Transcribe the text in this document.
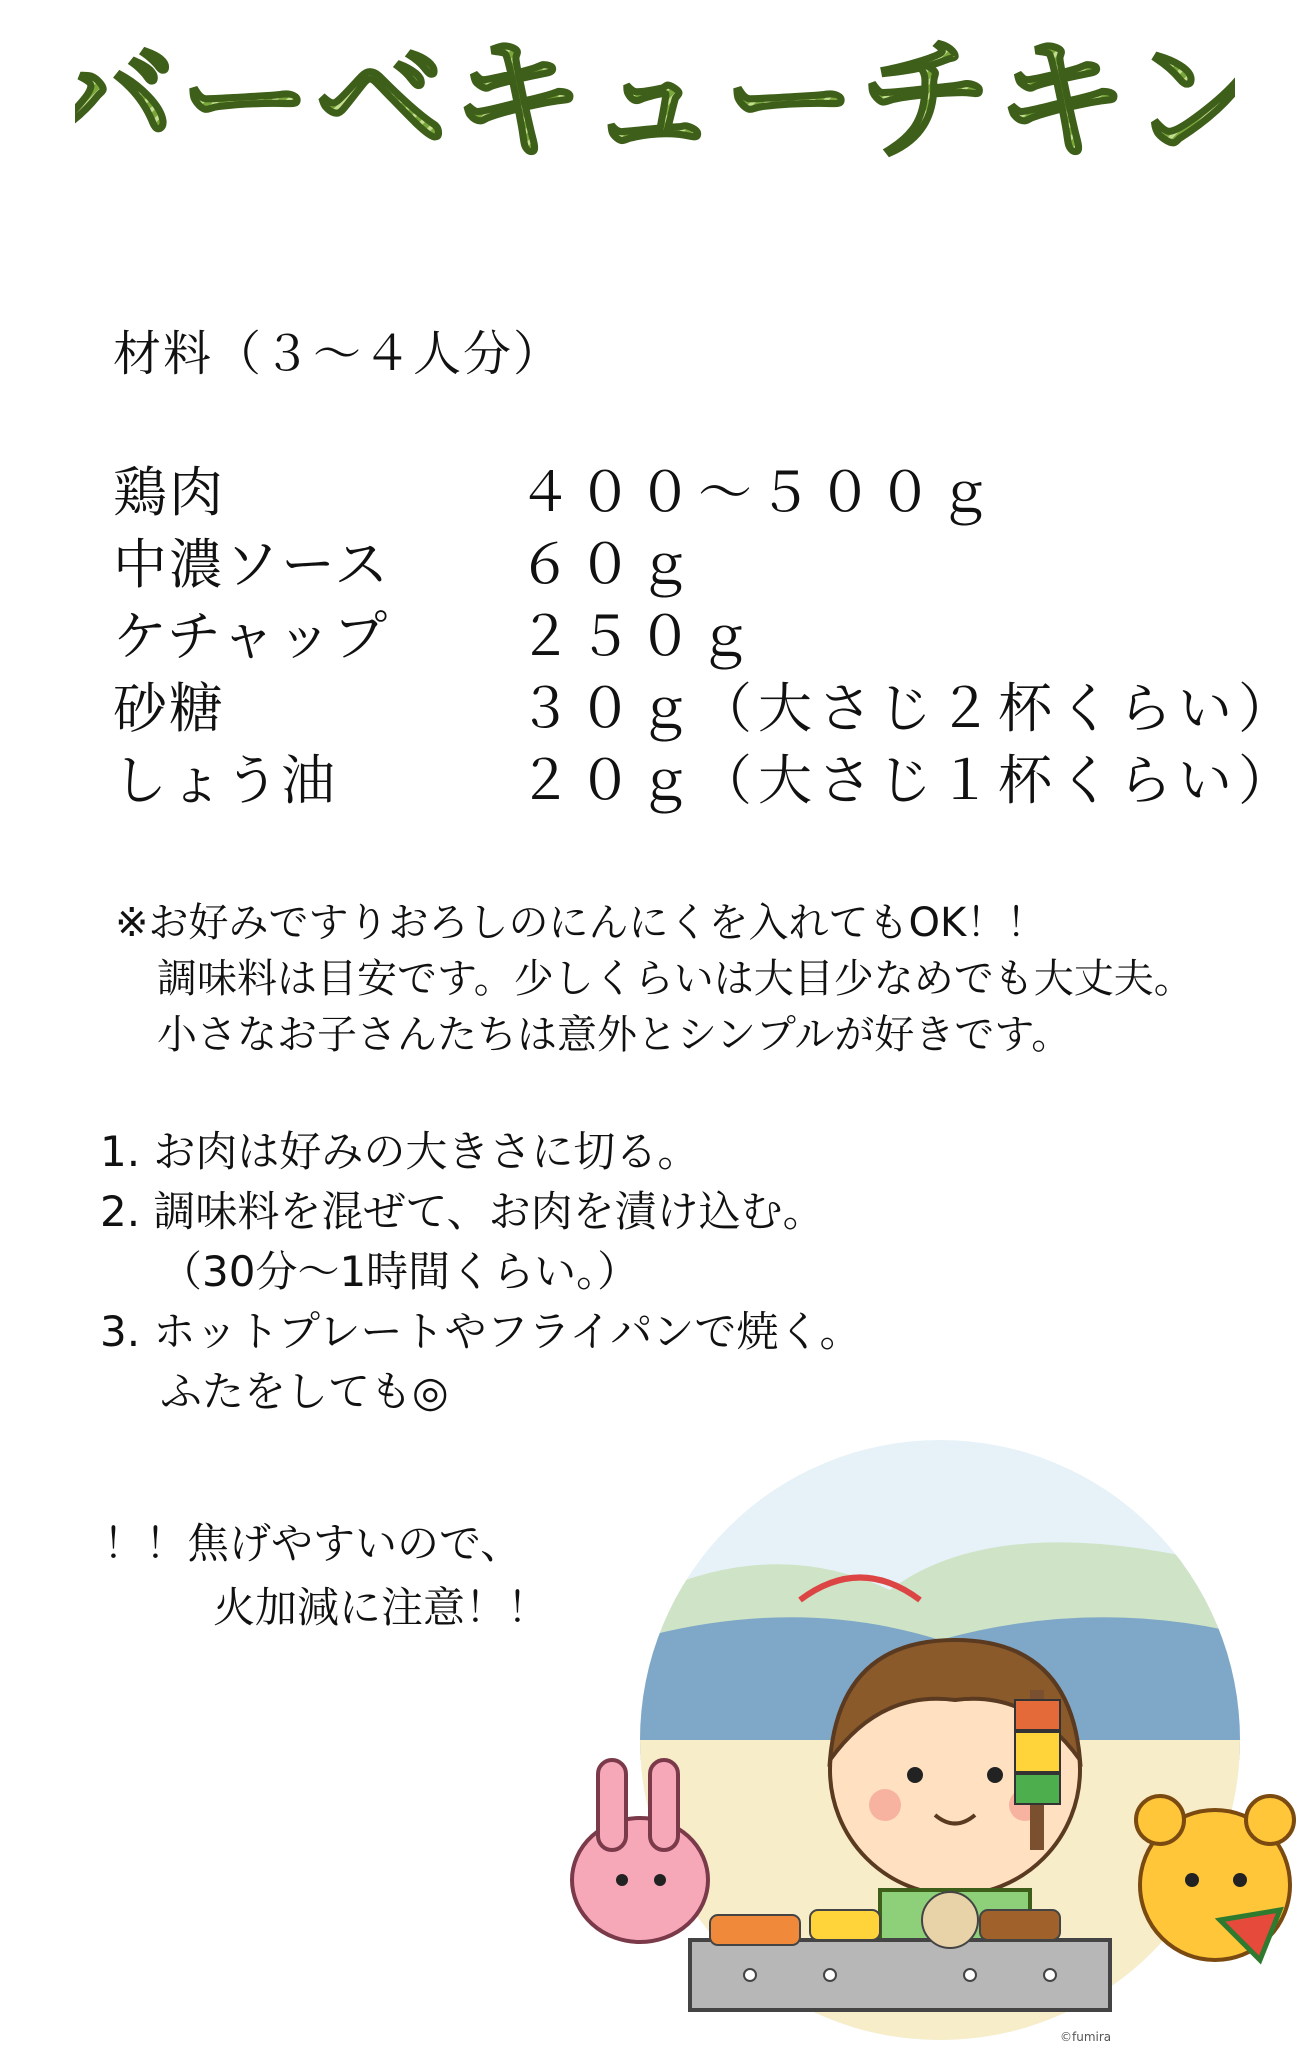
バーベキューチキン
材料（３～４人分）
鶏肉	４００～５００ｇ
中濃ソース	６０ｇ
ケチャップ	２５０ｇ
砂糖	３０ｇ（大さじ２杯くらい）
しょう油	２０ｇ（大さじ１杯くらい）
※お好みですりおろしのにんにくを入れてもOK！！
調味料は目安です。少しくらいは大目少なめでも大丈夫。
小さなお子さんたちは意外とシンプルが好きです。
1. お肉は好みの大きさに切る。
2. 調味料を混ぜて、お肉を漬け込む。
（30分～1時間くらい。）
3. ホットプレートやフライパンで焼く。
ふたをしても◎
！！焦げやすいので、
火加減に注意！！
©fumira
